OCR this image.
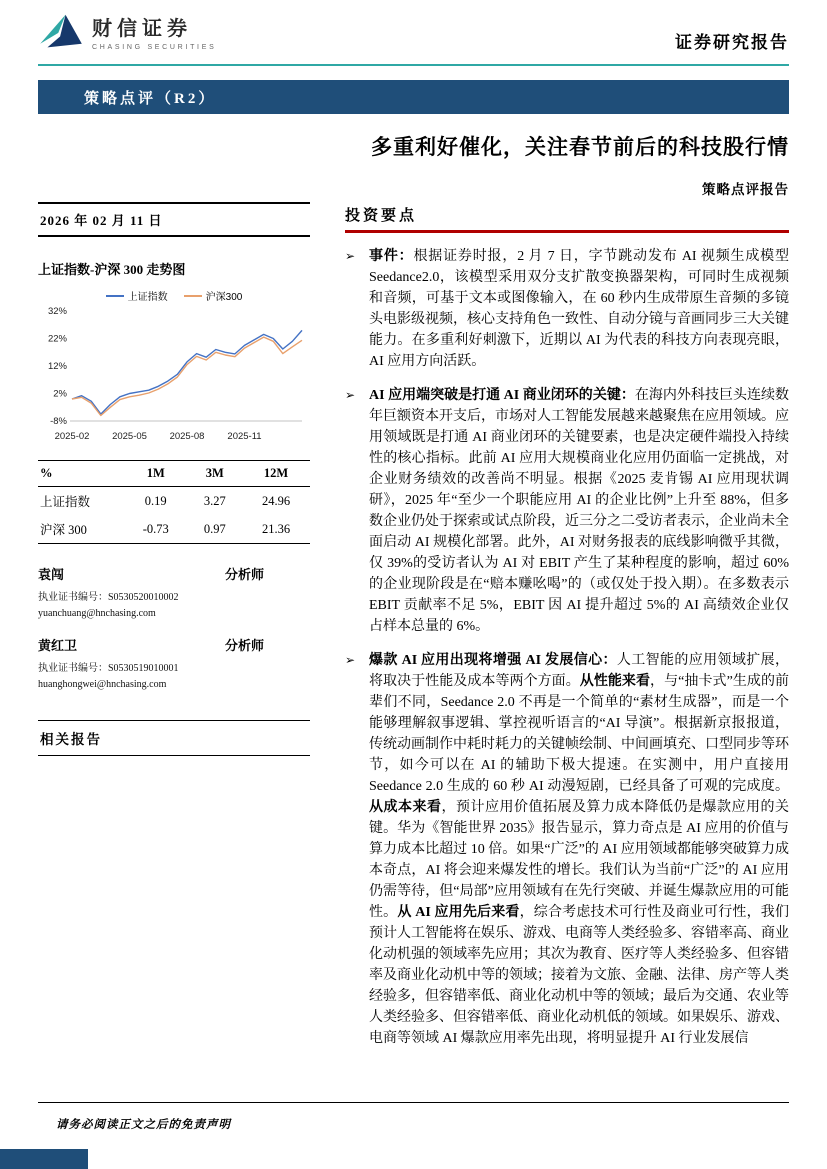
财信证券
CHASING SECURITIES	证券研究报告
策略点评（R2）
多重利好催化，关注春节前后的科技股行情
策略点评报告
2026 年 02 月 11 日
上证指数-沪深 300 走势图
上证指数	沪深300
32%
22%
12%
2%
-8%
2025-02 2025-05 2025-08 2025-11
%	1M	3M	12M
上证指数	0.19	3.27	24.96
沪深 300	-0.73	0.97	21.36
袁闯	分析师
执业证书编号：S0530520010002
yuanchuang@hnchasing.com
黄红卫	分析师
执业证书编号：S0530519010001
huanghongwei@hnchasing.com
相关报告
投资要点
➢ 事件：根据证券时报，2 月 7 日，字节跳动发布 AI 视频生成模型 Seedance2.0，该模型采用双分支扩散变换器架构，可同时生成视频和音频，可基于文本或图像输入，在 60 秒内生成带原生音频的多镜头电影级视频，核心支持角色一致性、自动分镜与音画同步三大关键能力。在多重利好刺激下，近期以 AI 为代表的科技方向表现亮眼，AI 应用方向活跃。
➢ AI 应用端突破是打通 AI 商业闭环的关键：在海内外科技巨头连续数年巨额资本开支后，市场对人工智能发展越来越聚焦在应用领域。应用领域既是打通 AI 商业闭环的关键要素，也是决定硬件端投入持续性的核心指标。此前 AI 应用大规模商业化应用仍面临一定挑战，对企业财务绩效的改善尚不明显。根据《2025 麦肯锡 AI 应用现状调研》，2025 年“至少一个职能应用 AI 的企业比例”上升至 88%，但多数企业仍处于探索或试点阶段，近三分之二受访者表示，企业尚未全面启动 AI 规模化部署。此外，AI 对财务报表的底线影响微乎其微，仅 39%的受访者认为 AI 对 EBIT 产生了某种程度的影响，超过 60%的企业现阶段是在“赔本赚吆喝”的（或仅处于投入期）。在多数表示 EBIT 贡献率不足 5%，EBIT 因 AI 提升超过 5%的 AI 高绩效企业仅占样本总量的 6%。
➢ 爆款 AI 应用出现将增强 AI 发展信心：人工智能的应用领域扩展，将取决于性能及成本等两个方面。从性能来看，与“抽卡式”生成的前辈们不同，Seedance 2.0 不再是一个简单的“素材生成器”，而是一个能够理解叙事逻辑、掌控视听语言的“AI 导演”。根据新京报报道，传统动画制作中耗时耗力的关键帧绘制、中间画填充、口型同步等环节，如今可以在 AI 的辅助下极大提速。在实测中，用户直接用 Seedance 2.0 生成的 60 秒 AI 动漫短剧，已经具备了可观的完成度。从成本来看，预计应用价值拓展及算力成本降低仍是爆款应用的关键。华为《智能世界 2035》报告显示，算力奇点是 AI 应用的价值与算力成本比超过 10 倍。如果“广泛”的 AI 应用领域都能够突破算力成本奇点，AI 将会迎来爆发性的增长。我们认为当前“广泛”的 AI 应用仍需等待，但“局部”应用领域有在先行突破、并诞生爆款应用的可能性。从 AI 应用先后来看，综合考虑技术可行性及商业可行性，我们预计人工智能将在娱乐、游戏、电商等人类经验多、容错率高、商业化动机强的领域率先应用；其次为教育、医疗等人类经验多、但容错率及商业化动机中等的领域；接着为文旅、金融、法律、房产等人类经验多，但容错率低、商业化动机中等的领域；最后为交通、农业等人类经验多、但容错率低、商业化动机低的领域。如果娱乐、游戏、电商等领域 AI 爆款应用率先出现，将明显提升 AI 行业发展信
请务必阅读正文之后的免责声明
